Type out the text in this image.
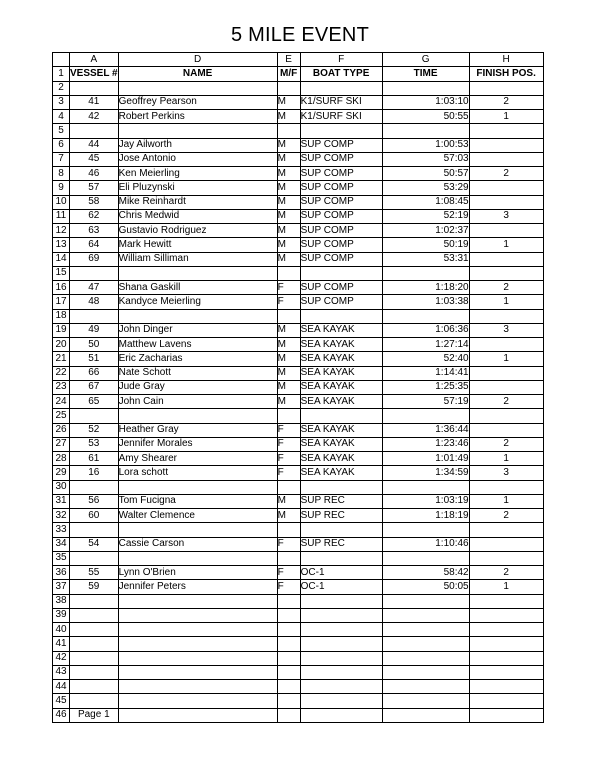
5 MILE EVENT
	A	D	E	F	G	H
1	VESSEL #	NAME	M/F	BOAT TYPE	TIME	FINISH POS.
2						
3	41	Geoffrey Pearson	M	K1/SURF SKI	1:03:10	2
4	42	Robert Perkins	M	K1/SURF SKI	50:55	1
5						
6	44	Jay Ailworth	M	SUP COMP	1:00:53	
7	45	Jose Antonio	M	SUP COMP	57:03	
8	46	Ken Meierling	M	SUP COMP	50:57	2
9	57	Eli Pluzynski	M	SUP COMP	53:29	
10	58	Mike Reinhardt	M	SUP COMP	1:08:45	
11	62	Chris Medwid	M	SUP COMP	52:19	3
12	63	Gustavio Rodriguez	M	SUP COMP	1:02:37	
13	64	Mark Hewitt	M	SUP COMP	50:19	1
14	69	William Silliman	M	SUP COMP	53:31	
15						
16	47	Shana Gaskill	F	SUP COMP	1:18:20	2
17	48	Kandyce Meierling	F	SUP COMP	1:03:38	1
18						
19	49	John Dinger	M	SEA KAYAK	1:06:36	3
20	50	Matthew Lavens	M	SEA KAYAK	1:27:14	
21	51	Eric Zacharias	M	SEA KAYAK	52:40	1
22	66	Nate Schott	M	SEA KAYAK	1:14:41	
23	67	Jude Gray	M	SEA KAYAK	1:25:35	
24	65	John Cain	M	SEA KAYAK	57:19	2
25						
26	52	Heather Gray	F	SEA KAYAK	1:36:44	
27	53	Jennifer Morales	F	SEA KAYAK	1:23:46	2
28	61	Amy Shearer	F	SEA KAYAK	1:01:49	1
29	16	Lora schott	F	SEA KAYAK	1:34:59	3
30						
31	56	Tom Fucigna	M	SUP REC	1:03:19	1
32	60	Walter Clemence	M	SUP REC	1:18:19	2
33						
34	54	Cassie Carson	F	SUP REC	1:10:46	
35						
36	55	Lynn O'Brien	F	OC-1	58:42	2
37	59	Jennifer Peters	F	OC-1	50:05	1
38						
39						
40						
41						
42						
43						
44						
45						
46	Page 1					
